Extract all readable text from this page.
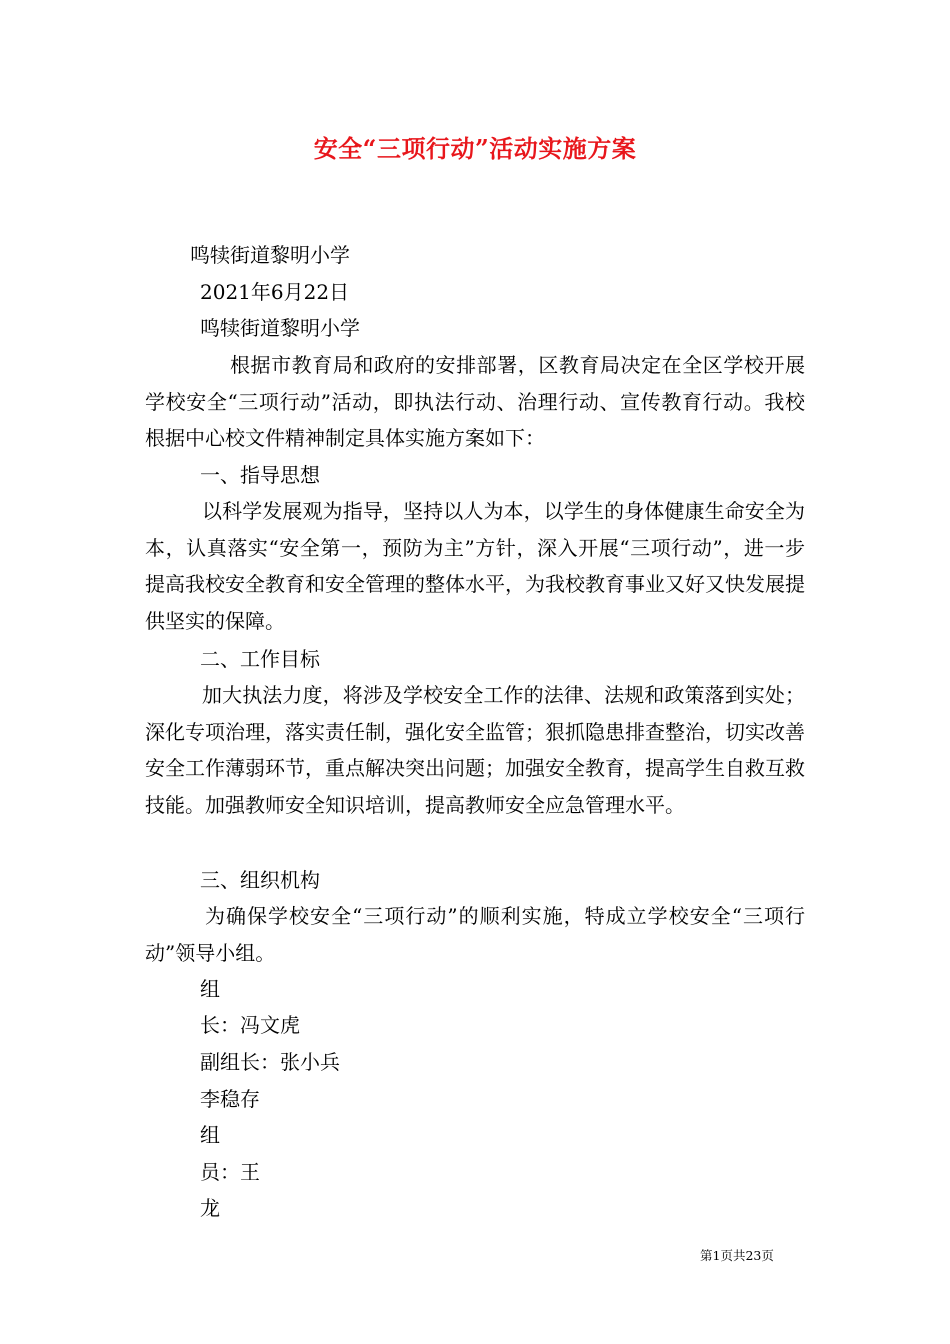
安全“三项行动”活动实施方案
鸣犊街道黎明小学
2021年6月22日
鸣犊街道黎明小学
根据市教育局和政府的安排部署，区教育局决定在全区学校开展学校安全“三项行动”活动，即执法行动、治理行动、宣传教育行动。我校根据中心校文件精神制定具体实施方案如下：
一、指导思想
以科学发展观为指导，坚持以人为本，以学生的身体健康生命安全为本，认真落实“安全第一，预防为主”方针，深入开展“三项行动”，进一步提高我校安全教育和安全管理的整体水平，为我校教育事业又好又快发展提供坚实的保障。
二、工作目标
加大执法力度，将涉及学校安全工作的法律、法规和政策落到实处；深化专项治理，落实责任制，强化安全监管；狠抓隐患排查整治，切实改善安全工作薄弱环节，重点解决突出问题；加强安全教育，提高学生自救互救技能。加强教师安全知识培训，提高教师安全应急管理水平。
三、组织机构
为确保学校安全“三项行动”的顺利实施，特成立学校安全“三项行动”领导小组。
组
长：冯文虎
副组长：张小兵
李稳存
组
员：王
龙
第1页共23页
